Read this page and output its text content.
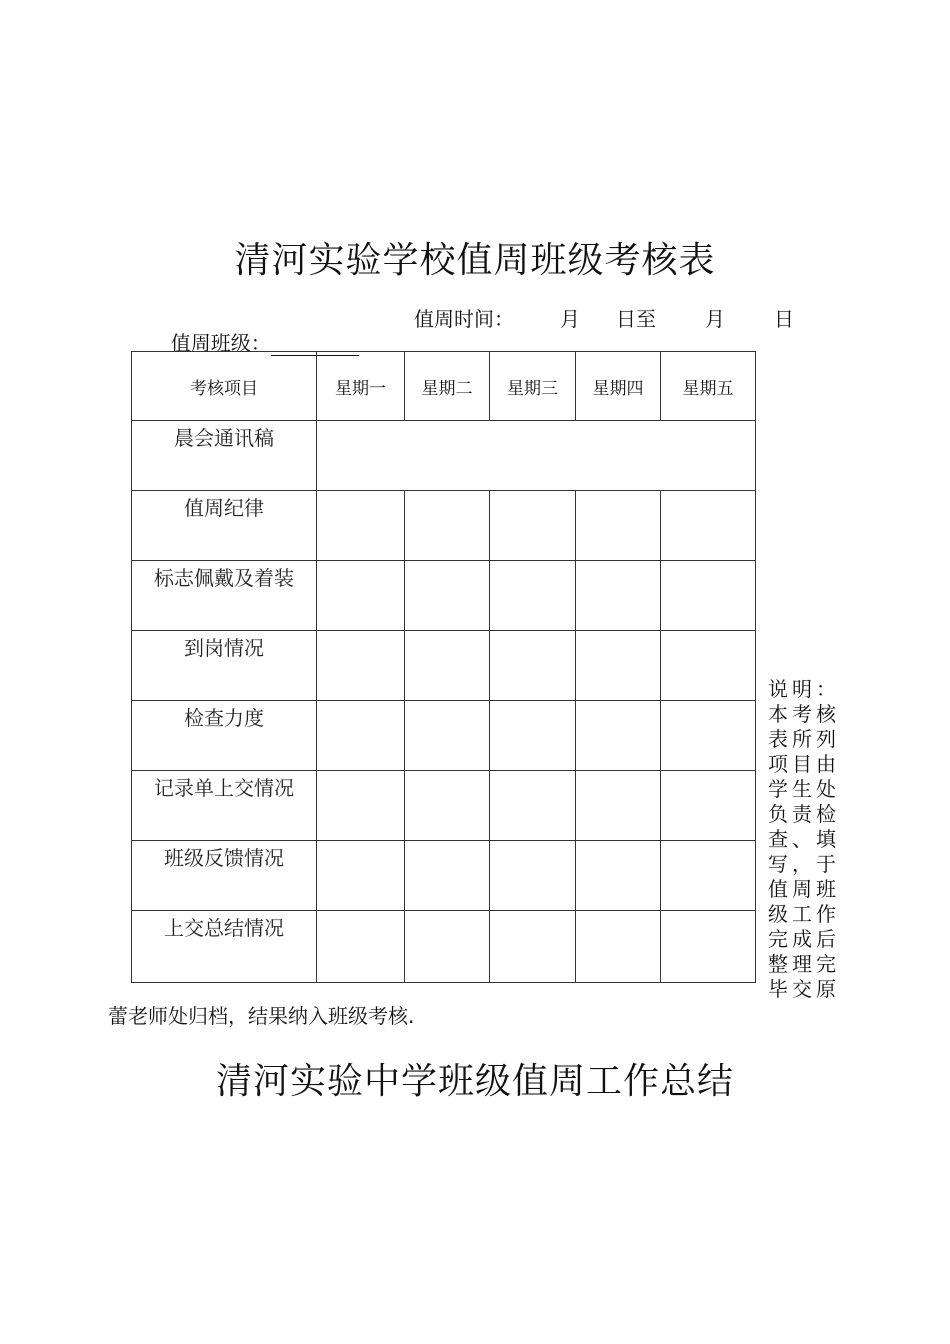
清河实验学校值周班级考核表

值周班级：

值周时间： 月 日至 月 日
考核项目	星期一	星期二	星期三	星期四	星期五
晨会通讯稿					
值周纪律					
标志佩戴及着装					
到岗情况					
检查力度					
记录单上交情况					
班级反馈情况					
上交总结情况					
说明：本考核表所列项目由学生处负责检查、填写，于值周班级工作完成后整理完毕交原
蕾老师处归档，结果纳入班级考核.
清河实验中学班级值周工作总结
